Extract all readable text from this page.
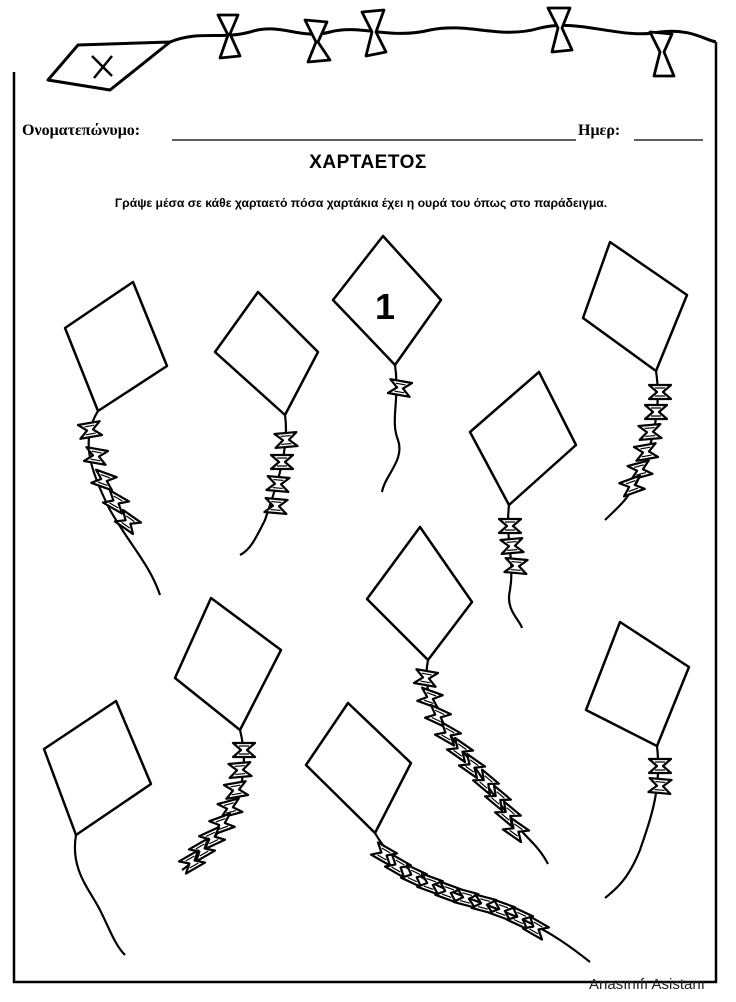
Ονοματεπώνυμο:	Ημερ:
ΧΑΡΤΑΕΤΟΣ
Γράψε μέσα σε κάθε χαρταετό πόσα χαρτάκια έχει η ουρά του όπως στο παράδειγμα.
1
Anasınıfı Asistanı
